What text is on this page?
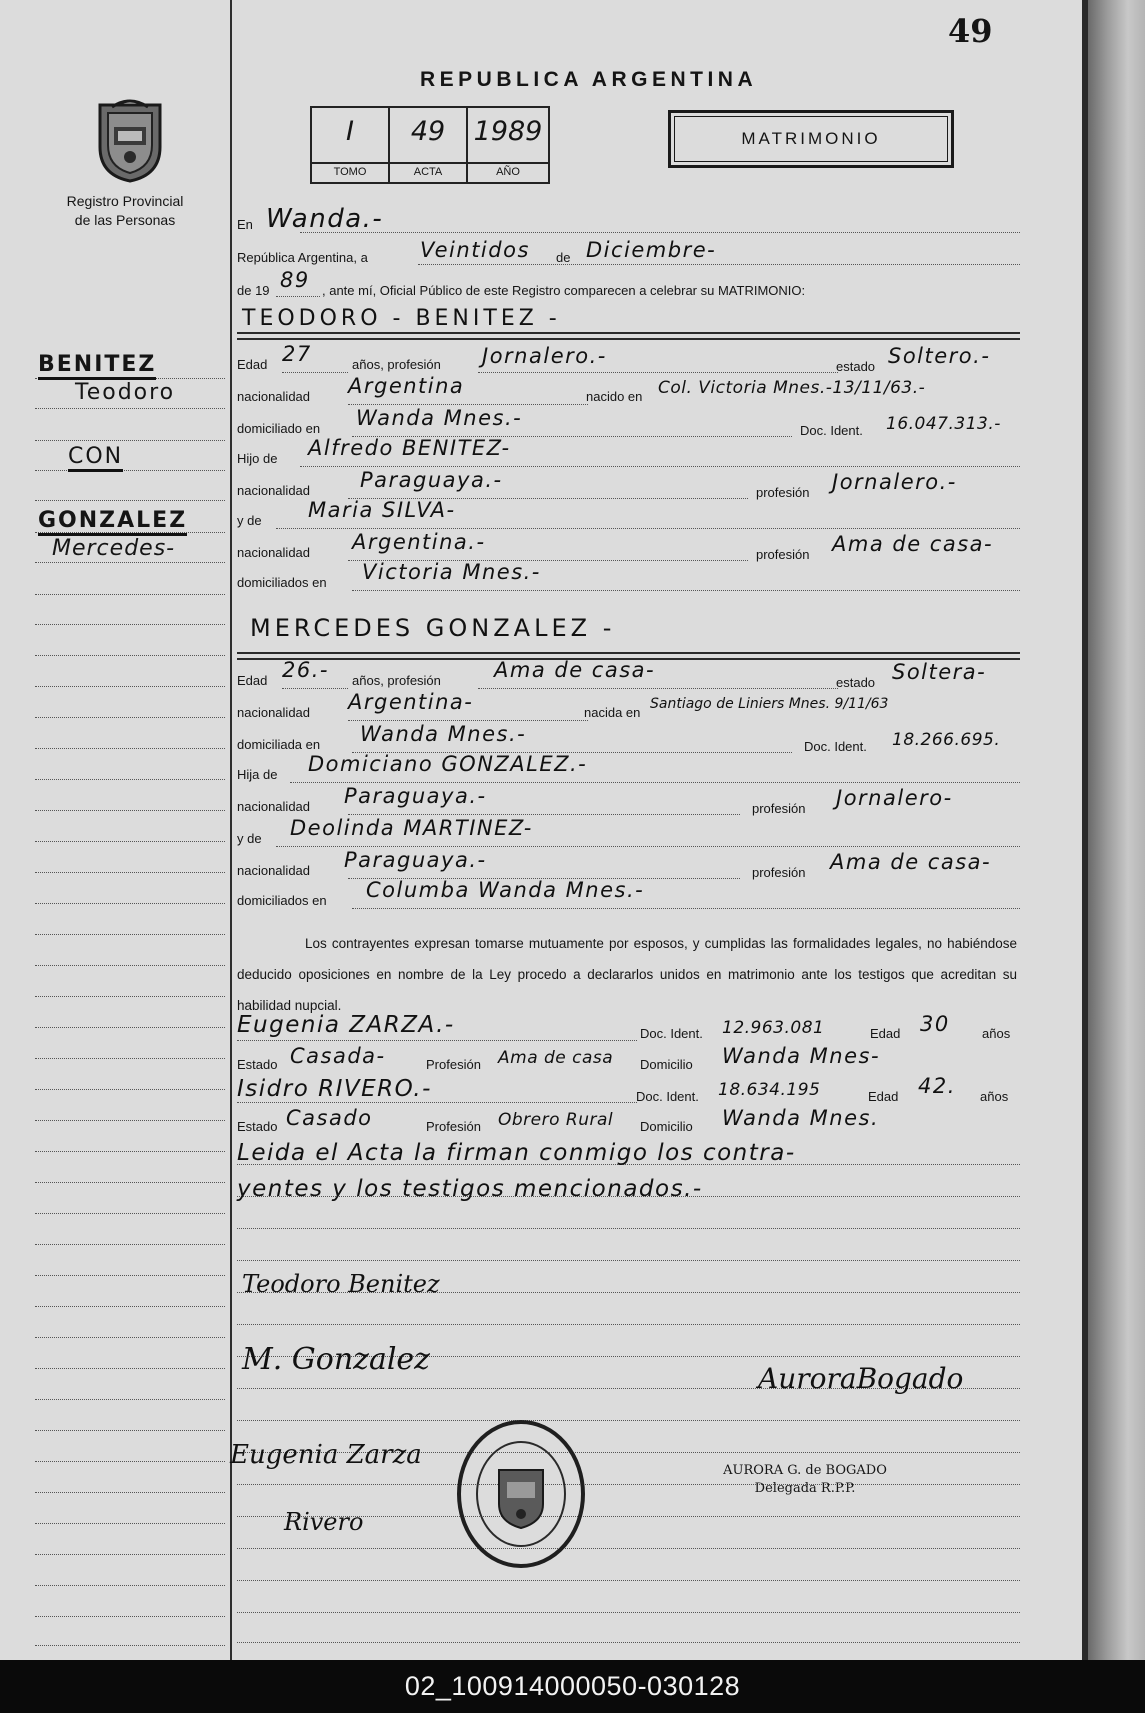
49
Registro Provincial
de las Personas
REPUBLICA ARGENTINA
I
TOMO
49
ACTA
1989
AÑO
MATRIMONIO
BENITEZ
Teodoro
CON
GONZALEZ
Mercedes-
En Wanda.-
República Argentina, a Veintidos de Diciembre-
de 19 89 , ante mí, Oficial Público de este Registro comparecen a celebrar su MATRIMONIO:
TEODORO - BENITEZ -
Edad 27	años, profesión Jornalero.-	estado Soltero.-
nacionalidad Argentina	nacido en Col. Victoria Mnes.-13/11/63.-
domiciliado en Wanda Mnes.-
Doc. Ident. 16.047.313.-
Hijo de Alfredo BENITEZ-
nacionalidad Paraguaya.-
profesión Jornalero.-
y de Maria SILVA-
nacionalidad Argentina.-
profesión Ama de casa-
domiciliados en Victoria Mnes.-
MERCEDES GONZALEZ -
Edad 26.- años, profesión	Ama de casa-
estado Soltera-
nacionalidad Argentina-	nacida en
Santiago de Liniers Mnes. 9/11/63
domiciliada en Wanda Mnes.-
Doc. Ident. 18.266.695.
Hija de Domiciano GONZALEZ.-
nacionalidad Paraguaya.-
profesión Jornalero-
y de Deolinda MARTINEZ-
nacionalidad Paraguaya.-
profesión Ama de casa-
domiciliados en Columba Wanda Mnes.-
Los contrayentes expresan tomarse mutuamente por esposos, y cumplidas las formalidades legales, no habiéndose deducido oposiciones en nombre de la Ley procedo a declararlos unidos en matrimonio ante los testigos que acreditan su habilidad nupcial.
Eugenia ZARZA.-	Doc. Ident. 12.963.081	Edad 30 años
Estado Casada-	Profesión Ama de casa Domicilio Wanda Mnes-
Isidro RIVERO.-	Doc. Ident. 18.634.195	Edad 42. años
Estado Casado	Profesión Obrero Rural Domicilio Wanda Mnes.
Leida el Acta la firman conmigo los contra-
yentes y los testigos mencionados.-
Teodoro Benitez
M. Gonzalez
Eugenia Zarza
Rivero
AuroraBogado
AURORA G. de BOGADO
Delegada R.P.P.
02_100914000050-030128
